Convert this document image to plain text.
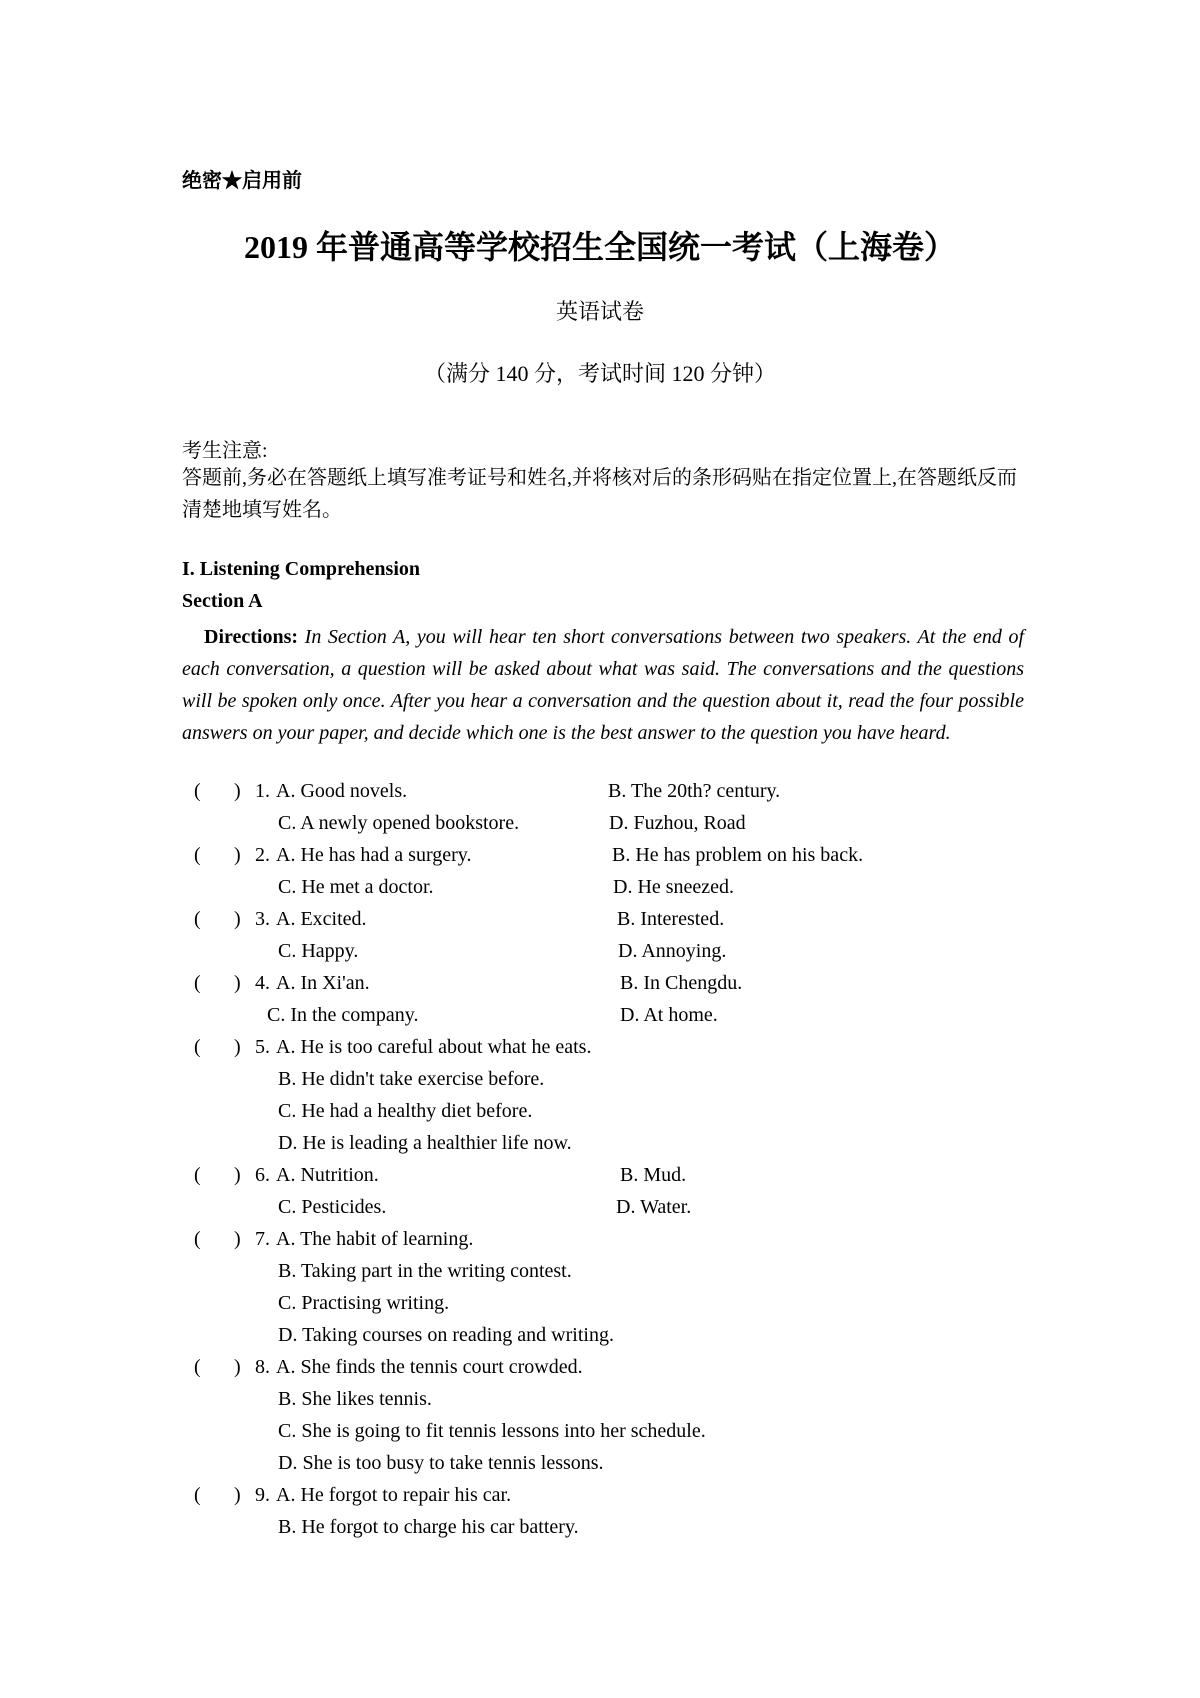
绝密★启用前
2019 年普通高等学校招生全国统一考试（上海卷）
英语试卷
（满分 140 分，考试时间 120 分钟）
考生注意:
答题前,务必在答题纸上填写准考证号和姓名,并将核对后的条形码贴在指定位置上,在答题纸反而清楚地填写姓名。
I. Listening Comprehension
Section A
Directions: In Section A, you will hear ten short conversations between two speakers. At the end of each conversation, a question will be asked about what was said. The conversations and the questions will be spoken only once. After you hear a conversation and the question about it, read the four possible answers on your paper, and decide which one is the best answer to the question you have heard.
( ) 1. A. Good novels.	B. The 20th? century.
C. A newly opened bookstore.	D. Fuzhou, Road
( ) 2. A. He has had a surgery.	B. He has problem on his back.
C. He met a doctor.	D. He sneezed.
( ) 3. A. Excited.	B. Interested.
C. Happy.	D. Annoying.
( ) 4. A. In Xi'an.	B. In Chengdu.
C. In the company.	D. At home.
( ) 5. A. He is too careful about what he eats.
B. He didn't take exercise before.
C. He had a healthy diet before.
D. He is leading a healthier life now.
( ) 6. A. Nutrition.	B. Mud.
C. Pesticides.	D. Water.
( ) 7. A. The habit of learning.
B. Taking part in the writing contest.
C. Practising writing.
D. Taking courses on reading and writing.
( ) 8. A. She finds the tennis court crowded.
B. She likes tennis.
C. She is going to fit tennis lessons into her schedule.
D. She is too busy to take tennis lessons.
( ) 9. A. He forgot to repair his car.
B. He forgot to charge his car battery.
